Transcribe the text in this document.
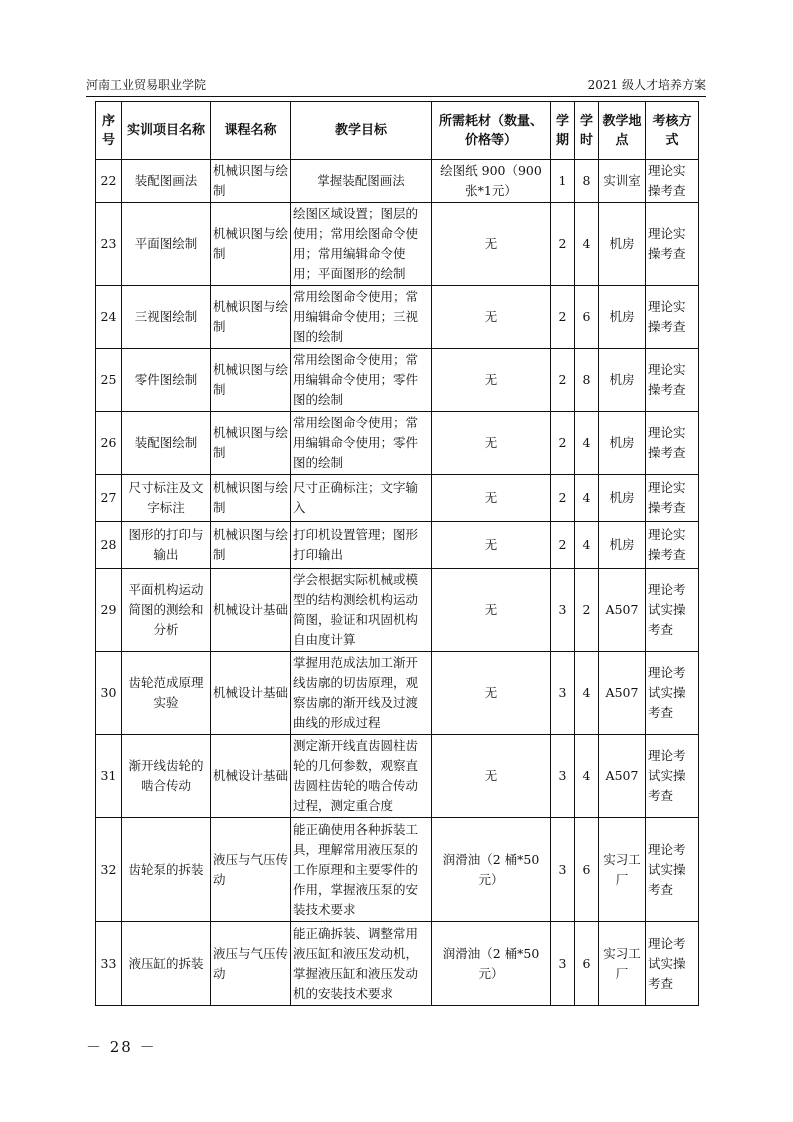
河南工业贸易职业学院	2021 级人才培养方案
序号	实训项目名称	课程名称	教学目标	所需耗材（数量、价格等）	学期	学时	教学地点	考核方式
22	装配图画法	机械识图与绘制	掌握装配图画法	绘图纸 900（900张*1元）	1	8	实训室	理论实操考查
23	平面图绘制	机械识图与绘制	绘图区域设置；图层的使用；常用绘图命令使用；常用编辑命令使用；平面图形的绘制	无	2	4	机房	理论实操考查
24	三视图绘制	机械识图与绘制	常用绘图命令使用；常用编辑命令使用；三视图的绘制	无	2	6	机房	理论实操考查
25	零件图绘制	机械识图与绘制	常用绘图命令使用；常用编辑命令使用；零件图的绘制	无	2	8	机房	理论实操考查
26	装配图绘制	机械识图与绘制	常用绘图命令使用；常用编辑命令使用；零件图的绘制	无	2	4	机房	理论实操考查
27	尺寸标注及文字标注	机械识图与绘制	尺寸正确标注；文字输入	无	2	4	机房	理论实操考查
28	图形的打印与输出	机械识图与绘制	打印机设置管理；图形打印输出	无	2	4	机房	理论实操考查
29	平面机构运动简图的测绘和分析	机械设计基础	学会根据实际机械或模型的结构测绘机构运动简图，验证和巩固机构自由度计算	无	3	2	A507	理论考试实操考查
30	齿轮范成原理实验	机械设计基础	掌握用范成法加工渐开线齿廓的切齿原理，观察齿廓的渐开线及过渡曲线的形成过程	无	3	4	A507	理论考试实操考查
31	渐开线齿轮的啮合传动	机械设计基础	测定渐开线直齿圆柱齿轮的几何参数，观察直齿圆柱齿轮的啮合传动过程，测定重合度	无	3	4	A507	理论考试实操考查
32	齿轮泵的拆装	液压与气压传动	能正确使用各种拆装工具，理解常用液压泵的工作原理和主要零件的作用，掌握液压泵的安装技术要求	润滑油（2 桶*50元）	3	6	实习工厂	理论考试实操考查
33	液压缸的拆装	液压与气压传动	能正确拆装、调整常用液压缸和液压发动机，掌握液压缸和液压发动机的安装技术要求	润滑油（2 桶*50元）	3	6	实习工厂	理论考试实操考查
－ 28 －
